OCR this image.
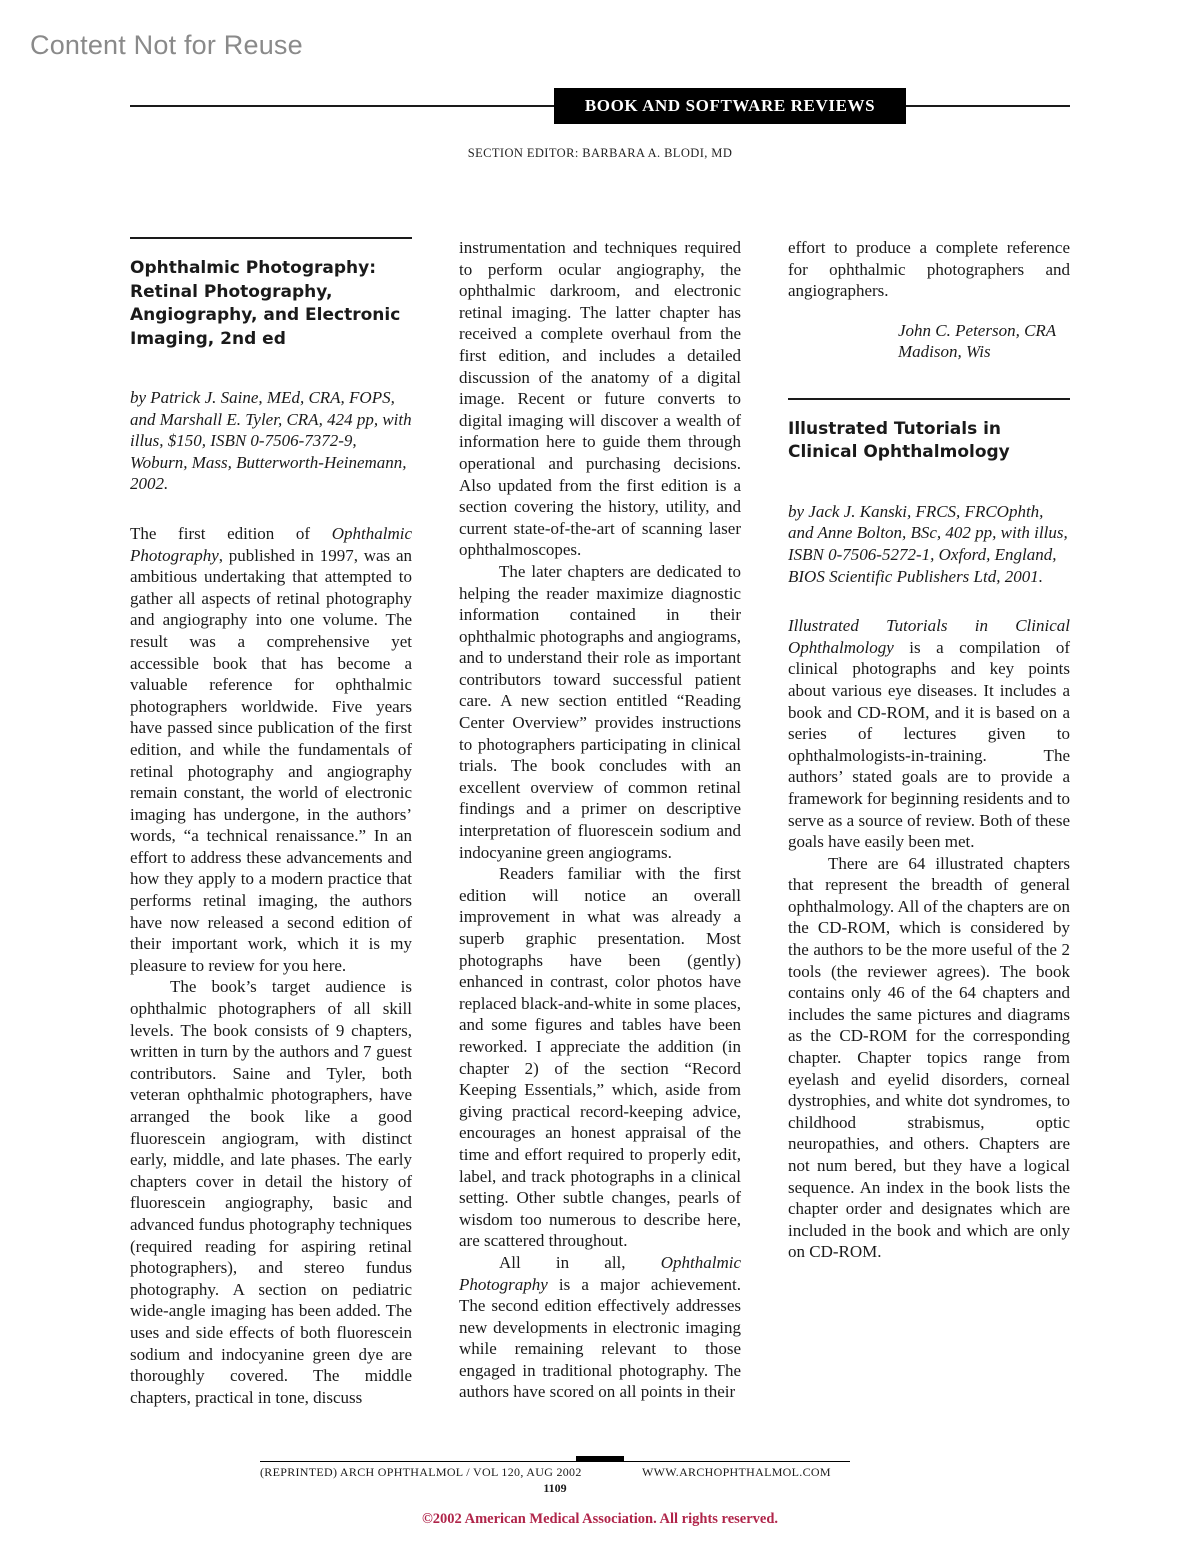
Content Not for Reuse
BOOK AND SOFTWARE REVIEWS
SECTION EDITOR: BARBARA A. BLODI, MD
Ophthalmic Photography: Retinal Photography, Angiography, and Electronic Imaging, 2nd ed

by Patrick J. Saine, MEd, CRA, FOPS, and Marshall E. Tyler, CRA, 424 pp, with illus, $150, ISBN 0-7506-7372-9, Woburn, Mass, Butterworth-Heinemann, 2002.

The first edition of Ophthalmic Photography, published in 1997, was an ambitious undertaking that attempted to gather all aspects of retinal photography and angiography into one volume. The result was a comprehensive yet accessible book that has become a valuable reference for ophthalmic photographers worldwide. Five years have passed since publication of the first edition, and while the fundamentals of retinal photography and angiography remain constant, the world of electronic imaging has undergone, in the authors’ words, “a technical renaissance.” In an effort to address these advancements and how they apply to a modern practice that performs retinal imaging, the authors have now released a second edition of their important work, which it is my pleasure to review for you here.

The book’s target audience is ophthalmic photographers of all skill levels. The book consists of 9 chapters, written in turn by the authors and 7 guest contributors. Saine and Tyler, both veteran ophthalmic photographers, have arranged the book like a good fluorescein angiogram, with distinct early, middle, and late phases. The early chapters cover in detail the history of fluorescein angiography, basic and advanced fundus photography techniques (required reading for aspiring retinal photographers), and stereo fundus photography. A section on pediatric wide-angle imaging has been added. The uses and side effects of both fluorescein sodium and indocyanine green dye are thoroughly covered. The middle chapters, practical in tone, discuss

instrumentation and techniques required to perform ocular angiography, the ophthalmic darkroom, and electronic retinal imaging. The latter chapter has received a complete overhaul from the first edition, and includes a detailed discussion of the anatomy of a digital image. Recent or future converts to digital imaging will discover a wealth of information here to guide them through operational and purchasing decisions. Also updated from the first edition is a section covering the history, utility, and current state-of-the-art of scanning laser ophthalmoscopes.

The later chapters are dedicated to helping the reader maximize diagnostic information contained in their ophthalmic photographs and angiograms, and to understand their role as important contributors toward successful patient care. A new section entitled “Reading Center Overview” provides instructions to photographers participating in clinical trials. The book concludes with an excellent overview of common retinal findings and a primer on descriptive interpretation of fluorescein sodium and indocyanine green angiograms.

Readers familiar with the first edition will notice an overall improvement in what was already a superb graphic presentation. Most photographs have been (gently) enhanced in contrast, color photos have replaced black-and-white in some places, and some figures and tables have been reworked. I appreciate the addition (in chapter 2) of the section “Record Keeping Essentials,” which, aside from giving practical record-keeping advice, encourages an honest appraisal of the time and effort required to properly edit, label, and track photographs in a clinical setting. Other subtle changes, pearls of wisdom too numerous to describe here, are scattered throughout.

All in all, Ophthalmic Photography is a major achievement. The second edition effectively addresses new developments in electronic imaging while remaining relevant to those engaged in traditional photography. The authors have scored on all points in their

effort to produce a complete reference for ophthalmic photographers and angiographers.

John C. Peterson, CRA
Madison, Wis
Illustrated Tutorials in Clinical Ophthalmology

by Jack J. Kanski, FRCS, FRCOphth, and Anne Bolton, BSc, 402 pp, with illus, ISBN 0-7506-5272-1, Oxford, England, BIOS Scientific Publishers Ltd, 2001.

Illustrated Tutorials in Clinical Ophthalmology is a compilation of clinical photographs and key points about various eye diseases. It includes a book and CD-ROM, and it is based on a series of lectures given to ophthalmologists-in-training. The authors’ stated goals are to provide a framework for beginning residents and to serve as a source of review. Both of these goals have easily been met.

There are 64 illustrated chapters that represent the breadth of general ophthalmology. All of the chapters are on the CD-ROM, which is considered by the authors to be the more useful of the 2 tools (the reviewer agrees). The book contains only 46 of the 64 chapters and includes the same pictures and diagrams as the CD-ROM for the corresponding chapter. Chapter topics range from eyelash and eyelid disorders, corneal dystrophies, and white dot syndromes, to childhood strabismus, optic neuropathies, and others. Chapters are not num bered, but they have a logical sequence. An index in the book lists the chapter order and designates which are included in the book and which are only on CD-ROM.

(REPRINTED) ARCH OPHTHALMOL / VOL 120, AUG 2002	WWW.ARCHOPHTHALMOL.COM
1109
©2002 American Medical Association. All rights reserved.
